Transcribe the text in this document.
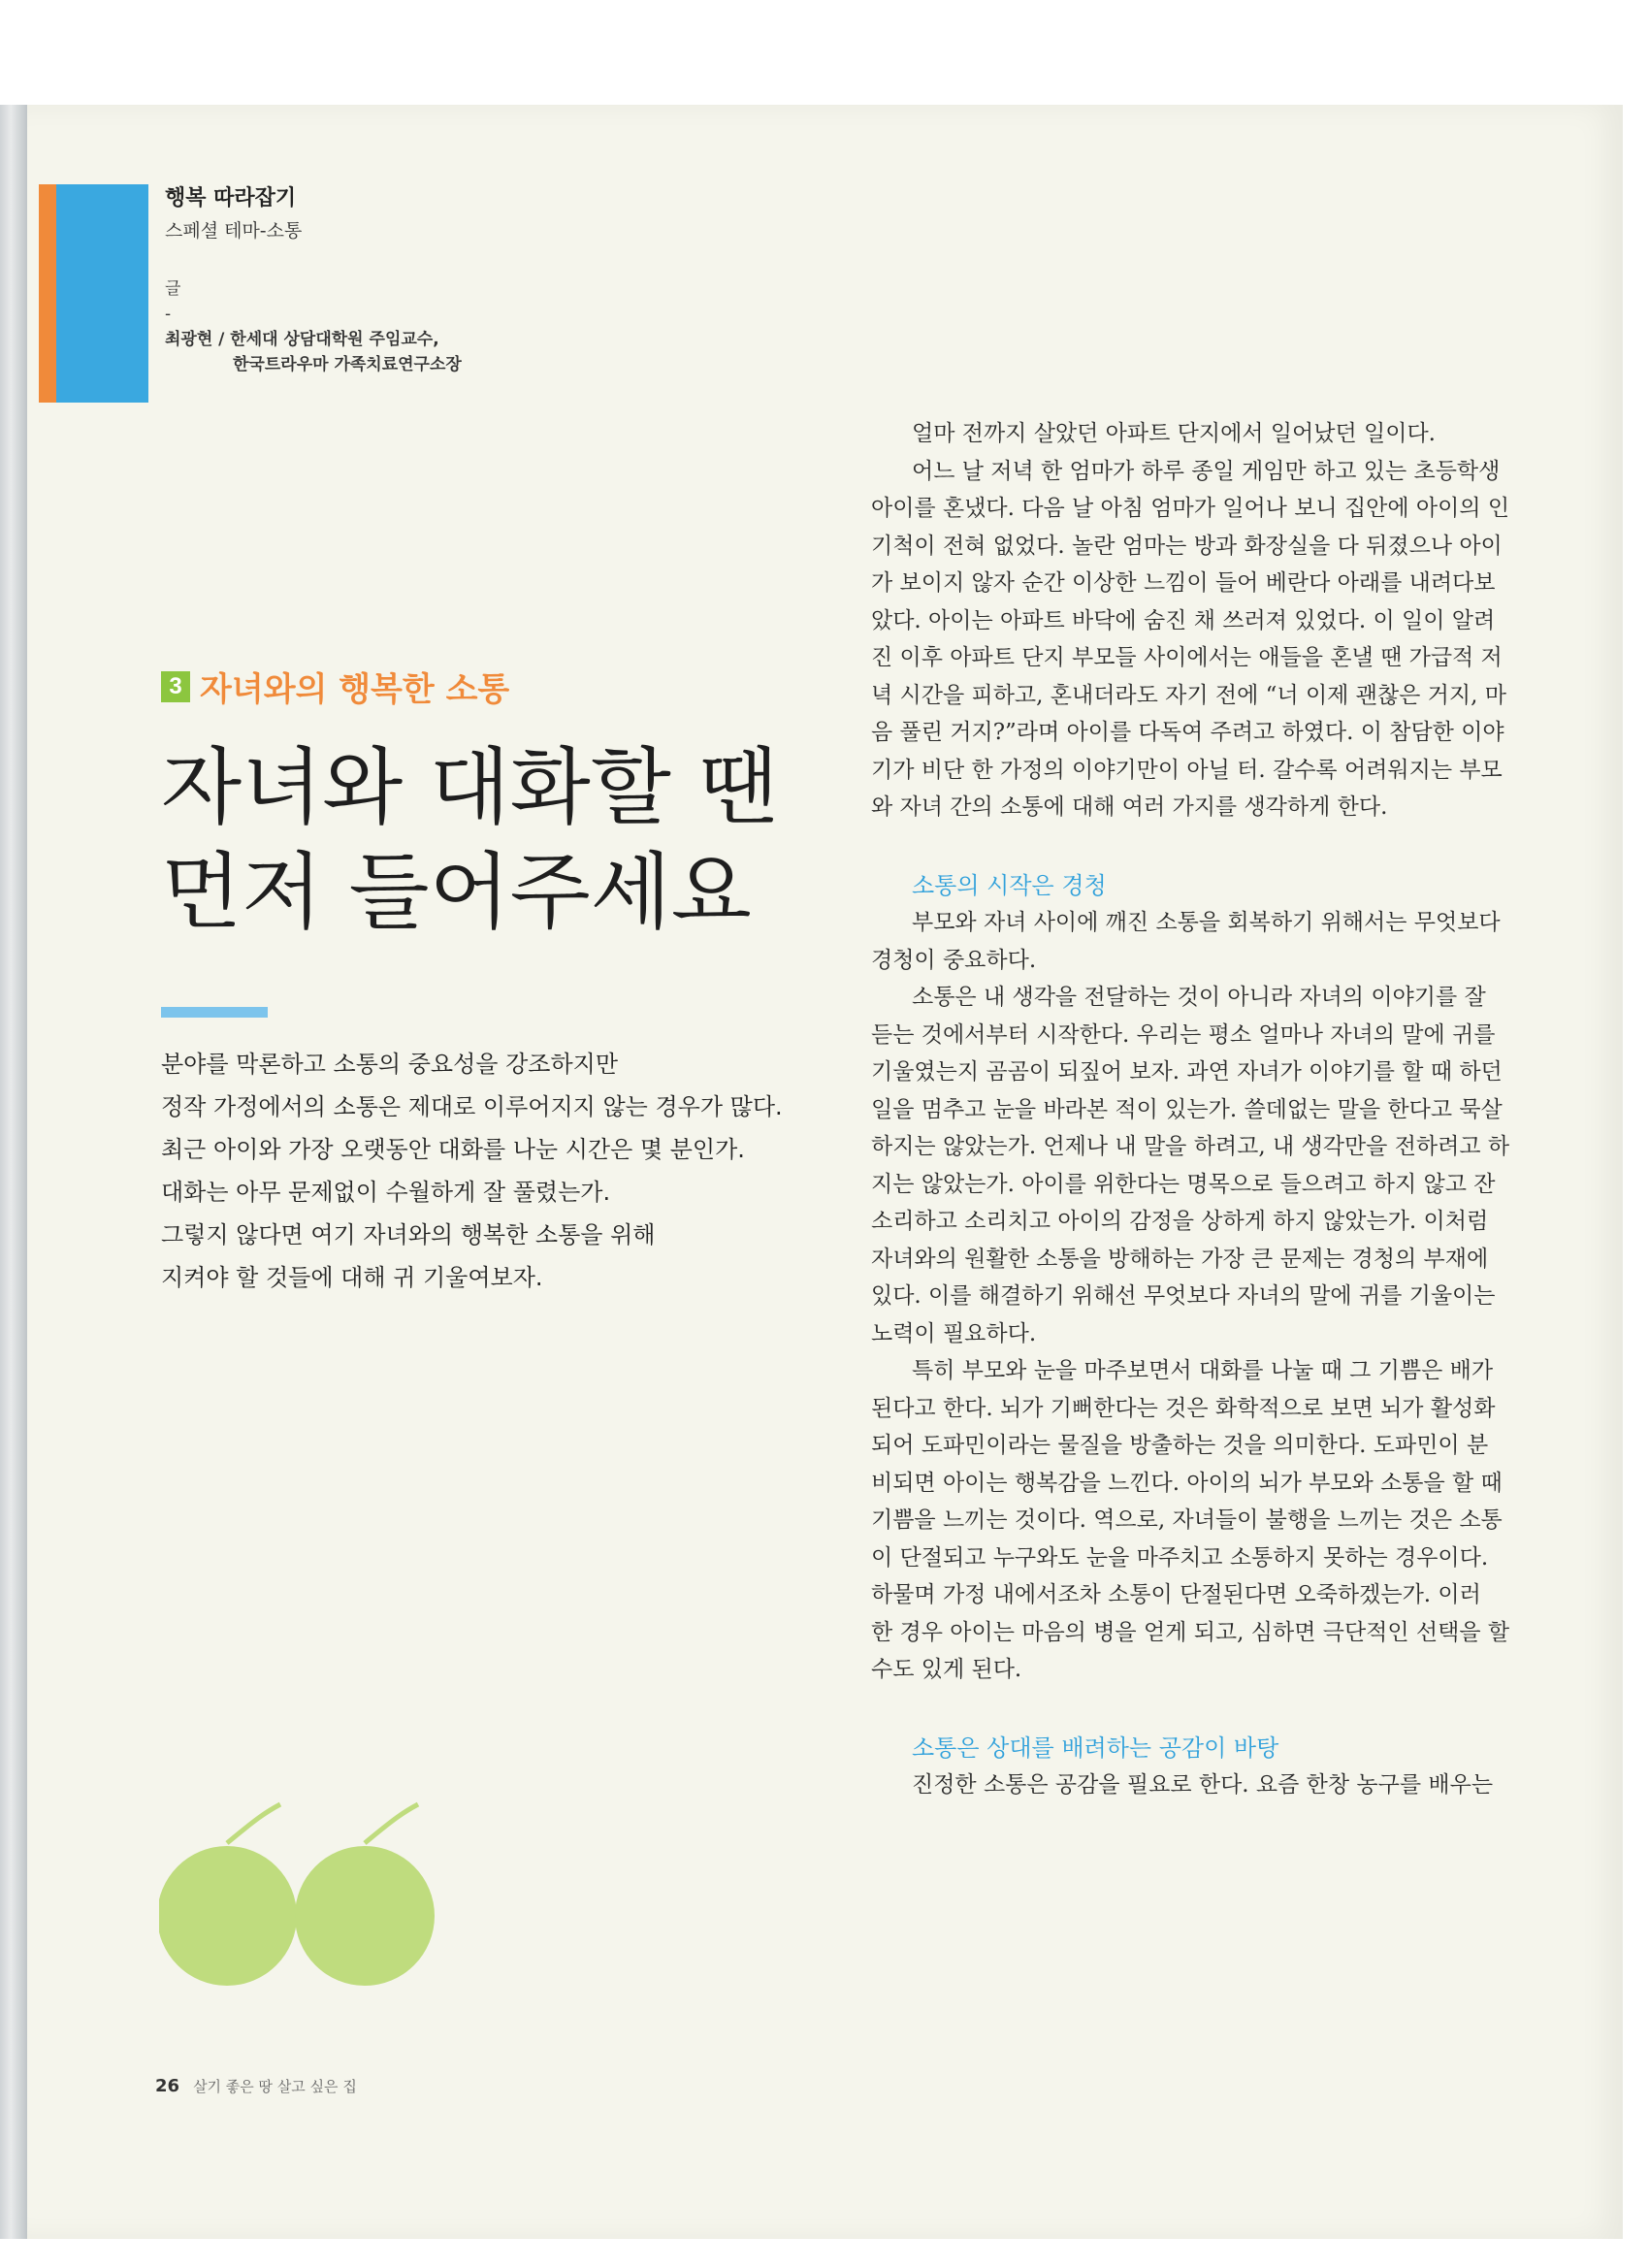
행복 따라잡기
스페셜 테마-소통
글
-
최광현 / 한세대 상담대학원 주임교수,
한국트라우마 가족치료연구소장
3 자녀와의 행복한 소통
자녀와 대화할 땐
먼저 들어주세요
분야를 막론하고 소통의 중요성을 강조하지만
정작 가정에서의 소통은 제대로 이루어지지 않는 경우가 많다.
최근 아이와 가장 오랫동안 대화를 나눈 시간은 몇 분인가.
대화는 아무 문제없이 수월하게 잘 풀렸는가.
그렇지 않다면 여기 자녀와의 행복한 소통을 위해
지켜야 할 것들에 대해 귀 기울여보자.

얼마 전까지 살았던 아파트 단지에서 일어났던 일이다.

어느 날 저녁 한 엄마가 하루 종일 게임만 하고 있는 초등학생

아이를 혼냈다. 다음 날 아침 엄마가 일어나 보니 집안에 아이의 인

기척이 전혀 없었다. 놀란 엄마는 방과 화장실을 다 뒤졌으나 아이

가 보이지 않자 순간 이상한 느낌이 들어 베란다 아래를 내려다보

았다. 아이는 아파트 바닥에 숨진 채 쓰러져 있었다. 이 일이 알려

진 이후 아파트 단지 부모들 사이에서는 애들을 혼낼 땐 가급적 저

녁 시간을 피하고, 혼내더라도 자기 전에 “너 이제 괜찮은 거지, 마

음 풀린 거지?”라며 아이를 다독여 주려고 하였다. 이 참담한 이야

기가 비단 한 가정의 이야기만이 아닐 터. 갈수록 어려워지는 부모

와 자녀 간의 소통에 대해 여러 가지를 생각하게 한다.

소통의 시작은 경청

부모와 자녀 사이에 깨진 소통을 회복하기 위해서는 무엇보다

경청이 중요하다.

소통은 내 생각을 전달하는 것이 아니라 자녀의 이야기를 잘

듣는 것에서부터 시작한다. 우리는 평소 얼마나 자녀의 말에 귀를

기울였는지 곰곰이 되짚어 보자. 과연 자녀가 이야기를 할 때 하던

일을 멈추고 눈을 바라본 적이 있는가. 쓸데없는 말을 한다고 묵살

하지는 않았는가. 언제나 내 말을 하려고, 내 생각만을 전하려고 하

지는 않았는가. 아이를 위한다는 명목으로 들으려고 하지 않고 잔

소리하고 소리치고 아이의 감정을 상하게 하지 않았는가. 이처럼

자녀와의 원활한 소통을 방해하는 가장 큰 문제는 경청의 부재에

있다. 이를 해결하기 위해선 무엇보다 자녀의 말에 귀를 기울이는

노력이 필요하다.

특히 부모와 눈을 마주보면서 대화를 나눌 때 그 기쁨은 배가

된다고 한다. 뇌가 기뻐한다는 것은 화학적으로 보면 뇌가 활성화

되어 도파민이라는 물질을 방출하는 것을 의미한다. 도파민이 분

비되면 아이는 행복감을 느낀다. 아이의 뇌가 부모와 소통을 할 때

기쁨을 느끼는 것이다. 역으로, 자녀들이 불행을 느끼는 것은 소통

이 단절되고 누구와도 눈을 마주치고 소통하지 못하는 경우이다.

하물며 가정 내에서조차 소통이 단절된다면 오죽하겠는가. 이러

한 경우 아이는 마음의 병을 얻게 되고, 심하면 극단적인 선택을 할

수도 있게 된다.

소통은 상대를 배려하는 공감이 바탕

진정한 소통은 공감을 필요로 한다. 요즘 한창 농구를 배우는

26 살기 좋은 땅 살고 싶은 집
